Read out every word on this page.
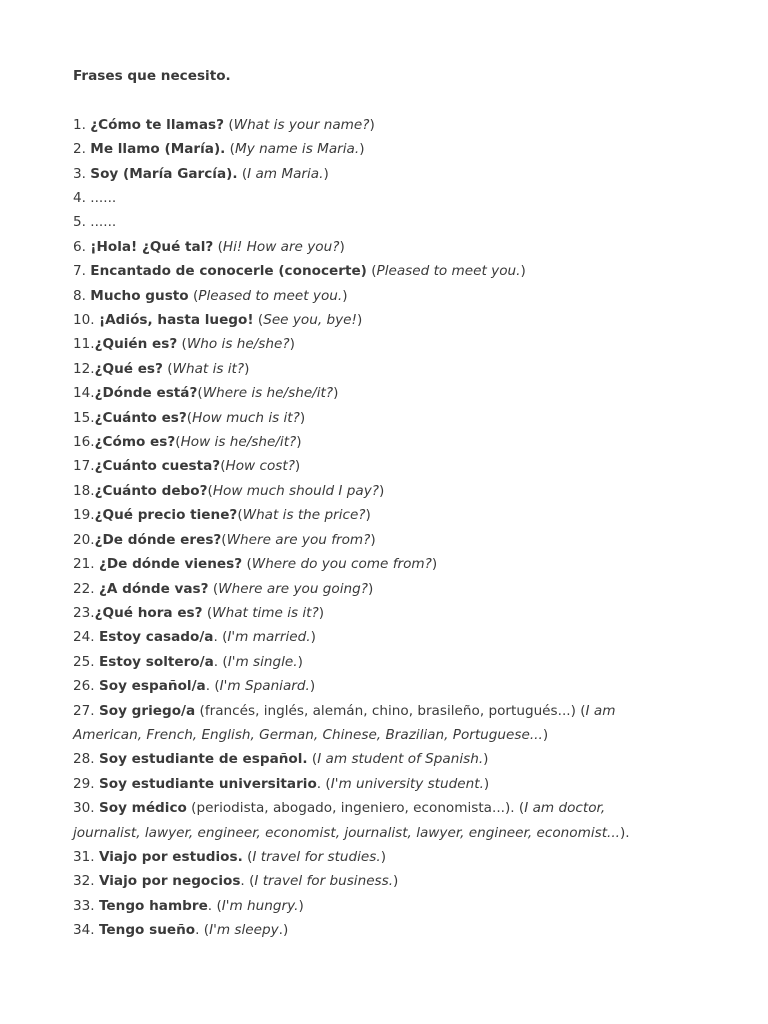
Frases que necesito.

1. ¿Cómo te llamas? (What is your name?)

2. Me llamo (María). (My name is Maria.)

3. Soy (María García). (I am Maria.)

4. ......

5. ......

6. ¡Hola! ¿Qué tal? (Hi! How are you?)

7. Encantado de conocerle (conocerte) (Pleased to meet you.)

8. Mucho gusto (Pleased to meet you.)

10. ¡Adiós, hasta luego! (See you, bye!)

11.¿Quién es? (Who is he/she?)

12.¿Qué es? (What is it?)

14.¿Dónde está?(Where is he/she/it?)

15.¿Cuánto es?(How much is it?)

16.¿Cómo es?(How is he/she/it?)

17.¿Cuánto cuesta?(How cost?)

18.¿Cuánto debo?(How much should I pay?)

19.¿Qué precio tiene?(What is the price?)

20.¿De dónde eres?(Where are you from?)

21. ¿De dónde vienes? (Where do you come from?)

22. ¿A dónde vas? (Where are you going?)

23.¿Qué hora es? (What time is it?)

24. Estoy casado/a. (I'm married.)

25. Estoy soltero/a. (I'm single.)

26. Soy español/a. (I'm Spaniard.)

27. Soy griego/a (francés, inglés, alemán, chino, brasileño, portugués...) (I am American, French, English, German, Chinese, Brazilian, Portuguese...)

28. Soy estudiante de español. (I am student of Spanish.)

29. Soy estudiante universitario. (I'm university student.)

30. Soy médico (periodista, abogado, ingeniero, economista...). (I am doctor, journalist, lawyer, engineer, economist, journalist, lawyer, engineer, economist...).

31. Viajo por estudios. (I travel for studies.)

32. Viajo por negocios. (I travel for business.)

33. Tengo hambre. (I'm hungry.)

34. Tengo sueño. (I'm sleepy.)
